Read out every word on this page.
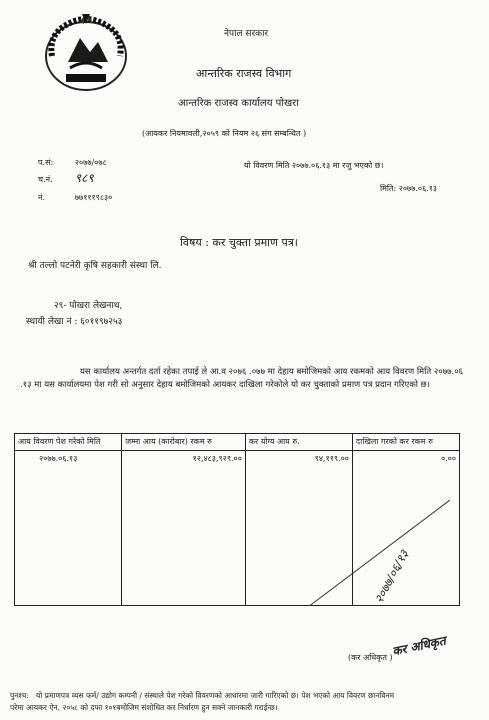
नेपाल सरकार
आन्तरिक राजस्व विभाग
आन्तरिक राजस्व कार्यालय पोखरा
(आयकर नियमावली,२०५९ को नियम २६ संग सम्बन्धित )
प.सं:	२०७७/०७८
च.नं. ९८९
नं.	७७१११९८३०
यो विवरण मिति २०७७.०६.१३ मा रजु भएको छ।
मिति: २०७७.०६.१३
विषय : कर चुक्ता प्रमाण पत्र।
श्री तल्लो पटनेरी कृषि सहकारी संस्था लि.
२९- पोखरा लेखनाथ,
स्थायी लेखा नं : ६०११९७२५३
यस कार्यालय अन्तर्गत दर्ता रहेका तपाई ले आ.व २०७६ .०७७ मा देहाय बमोजिमको आय रकमको आय विवरण मिति २०७७.०६ .१३ मा यस कार्यालयमा पेश गरी सो अनुसार देहाय बमोजिमको आयकर दाखिला गरेकोले यो कर चुक्ताको प्रमाण पत्र प्रदान गरिएको छ।
आय विवरण पेश गरेको मिति	जम्मा आय (कारोबार) रकम रु	कर योग्य आय रु.	दाखिला गरको कर रकम रु
२०७७.०६.१३	१२,४८३,९२९.००	९४,११९.००	०.००
२०७७/०६/१३
(कर अधिकृत )
कर अधिकृत
पुनश्च: यो प्रमाणपत्र व्यस फर्म/ उद्योग कम्पनी / संस्थाले पेश गरेको विवरणको आधारमा जारी गारिएको छ। पेश भएको आय विवरण छानविनम
परेमा आयकर ऐन, २०५८ को दफा १०१बमोजिम संशोधित कर निर्धारण हुन सक्ने जानकारी गराईन्छ।
